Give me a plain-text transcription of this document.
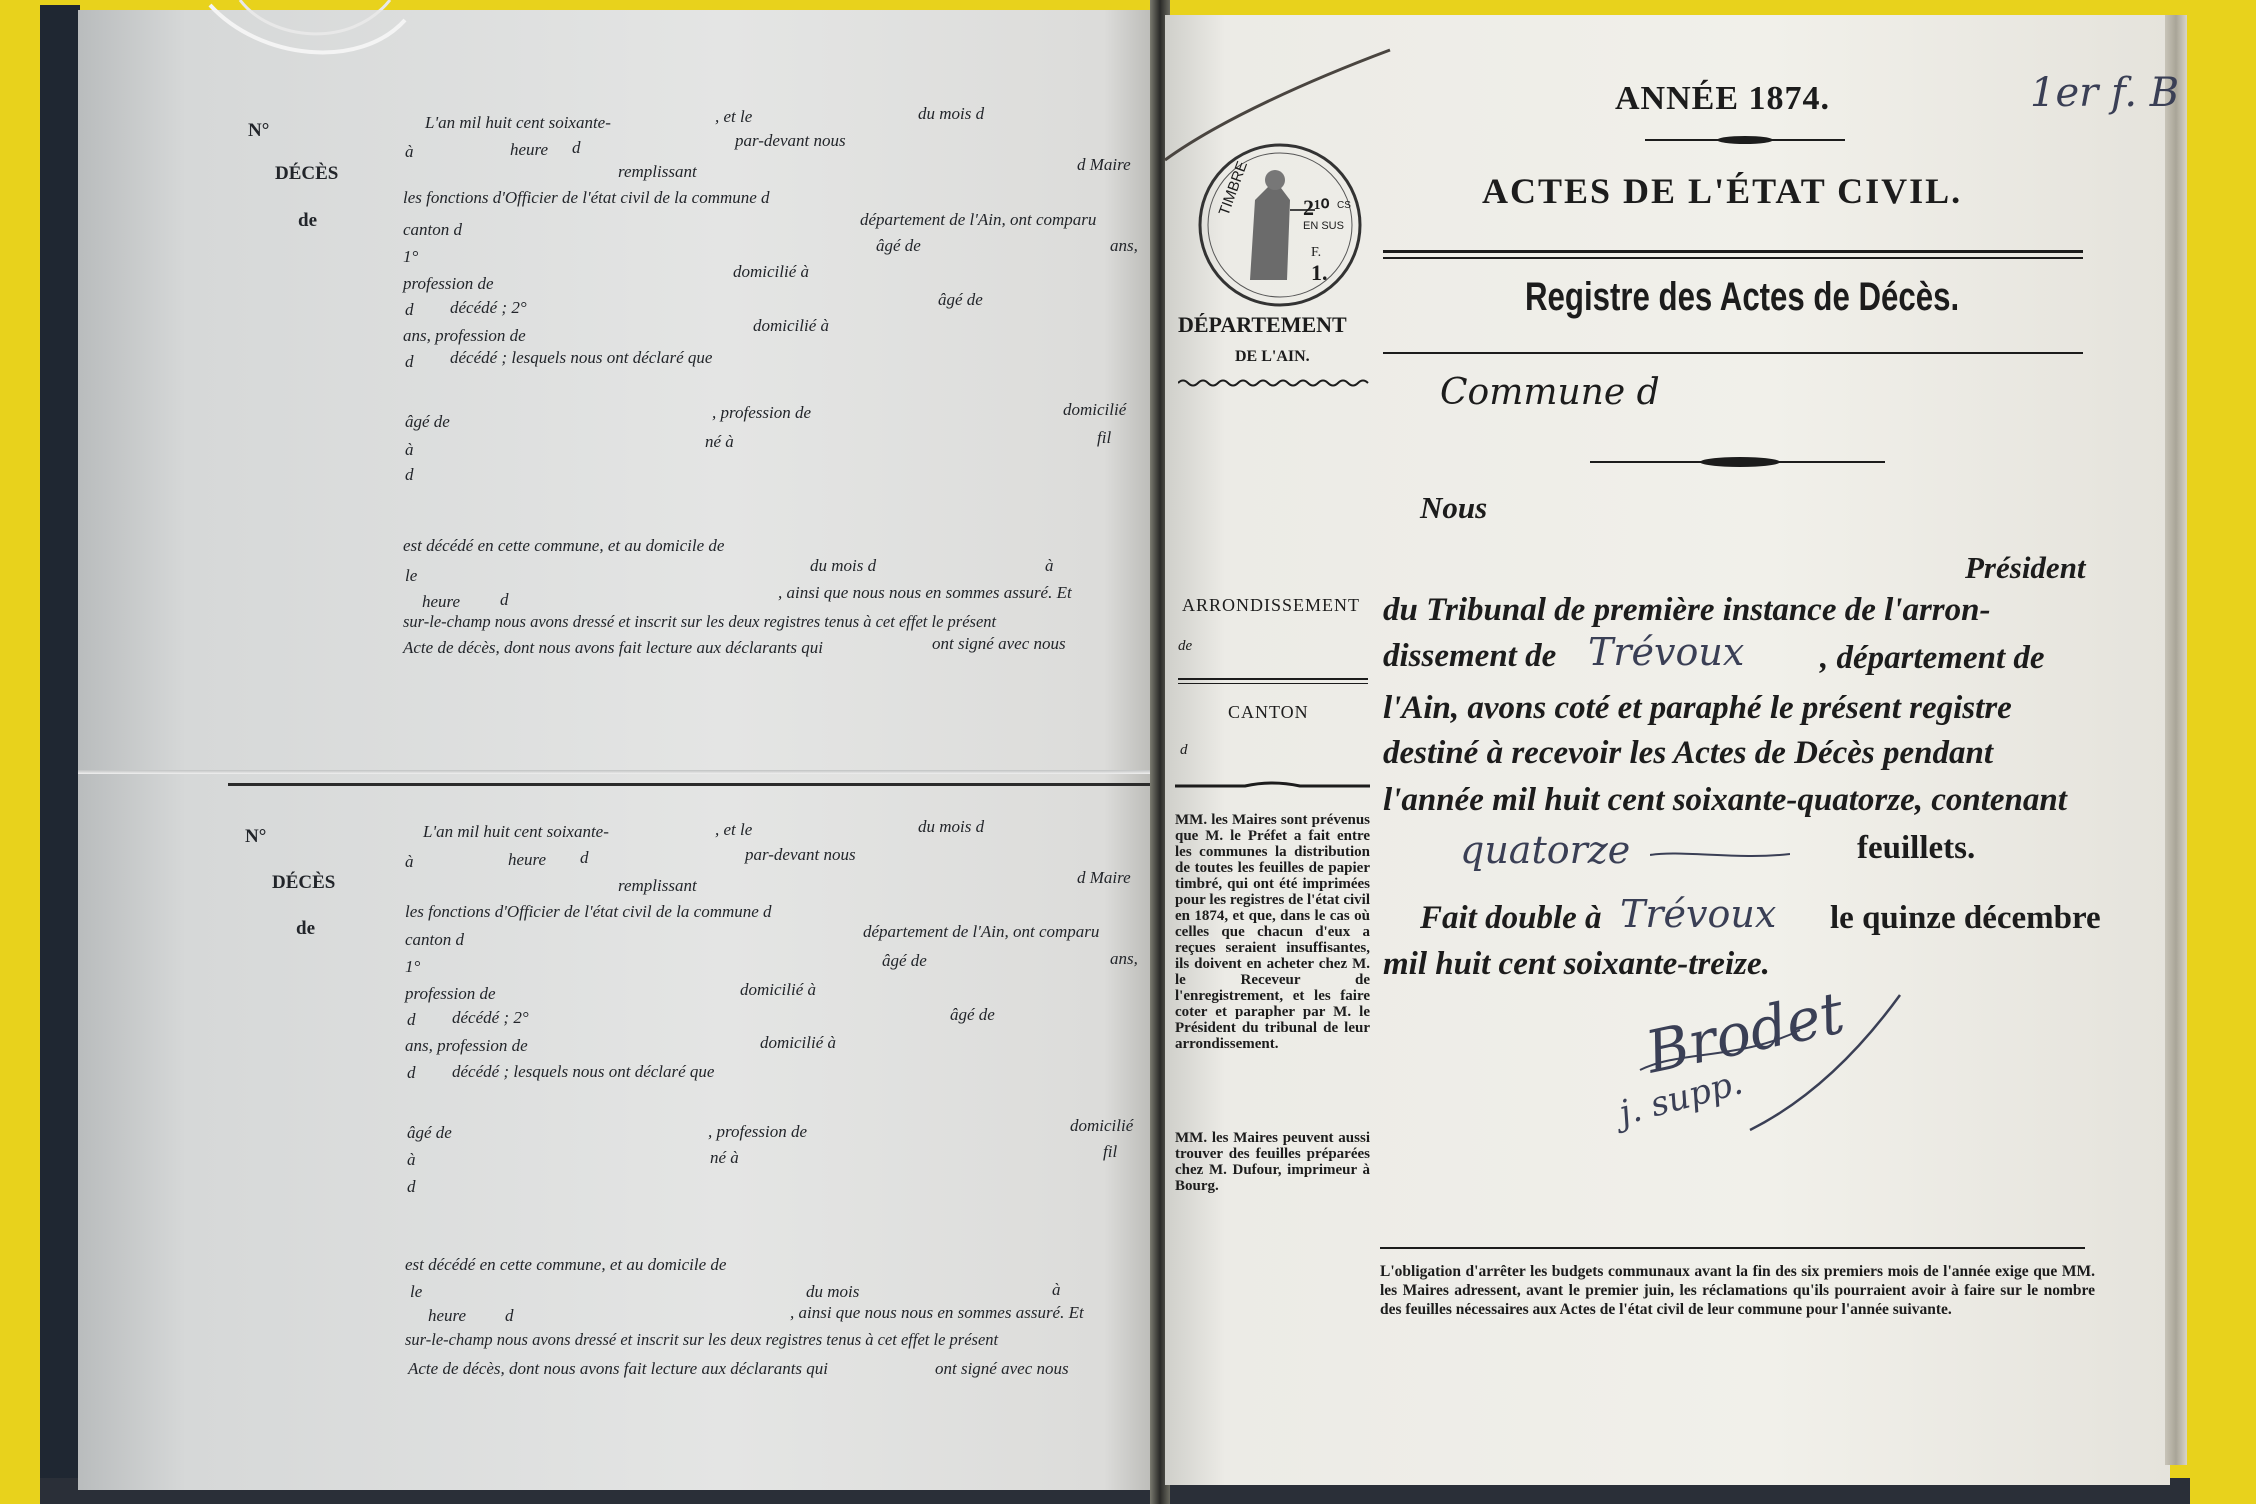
N°
DÉCÈS
de
L'an mil huit cent soixante-	, et le	du mois d
à	heure d	par-devant nous
remplissant	d Maire
les fonctions d'Officier de l'état civil de la commune d
canton d
département de l'Ain, ont comparu
1°
âgé de	ans,
profession de
domicilié à
d décédé ; 2°	âgé de
ans, profession de
domicilié à
d décédé ; lesquels nous ont déclaré que
âgé de	, profession de	domicilié
à	né à	fil
d
est décédé en cette commune, et au domicile de
le
du mois d	à
heure d	, ainsi que nous nous en sommes assuré. Et
sur-le-champ nous avons dressé et inscrit sur les deux registres tenus à cet effet le présent
Acte de décès, dont nous avons fait lecture aux déclarants qui	ont signé avec nous
N°
DÉCÈS
de
L'an mil huit cent soixante-	, et le	du mois d
à	heure d	par-devant nous
remplissant	d Maire
les fonctions d'Officier de l'état civil de la commune d
canton d	département de l'Ain, ont comparu
1°	âgé de	ans,
profession de	domicilié à
d décédé ; 2°	âgé de
ans, profession de	domicilié à
d décédé ; lesquels nous ont déclaré que
âgé de	, profession de	domicilié
à	né à	fil
d
est décédé en cette commune, et au domicile de
le	du mois	à
heure d	, ainsi que nous nous en sommes assuré. Et
sur-le-champ nous avons dressé et inscrit sur les deux registres tenus à cet effet le présent
Acte de décès, dont nous avons fait lecture aux déclarants qui	ont signé avec nous
ANNÉE 1874.	1er f. B
ACTES DE L'ÉTAT CIVIL.
Registre des Actes de Décès.
Commune d
TIMBRE 2¹⁰ CS
EN SUS
F.
1.
DÉPARTEMENT
DE L'AIN.
ARRONDISSEMENT
de
CANTON
d
MM. les Maires sont prévenus que M. le Préfet a fait entre les communes la distribution de toutes les feuilles de papier timbré, qui ont été imprimées pour les registres de l'état civil en 1874, et que, dans le cas où celles que chacun d'eux a reçues seraient insuffisantes, ils doivent en acheter chez M. le Receveur de l'enregistrement, et les faire coter et parapher par M. le Président du tribunal de leur arrondissement.
MM. les Maires peuvent aussi trouver des feuilles préparées chez M. Dufour, imprimeur à Bourg.
Nous
Président
du Tribunal de première instance de l'arron-
dissement de Trévoux , département de
l'Ain, avons coté et paraphé le présent registre
destiné à recevoir les Actes de Décès pendant
l'année mil huit cent soixante-quatorze, contenant
quatorze	feuillets.
Fait double à Trévoux le quinze décembre
mil huit cent soixante-treize.
Brodet
j. supp.
L'obligation d'arrêter les budgets communaux avant la fin des six premiers mois de l'année exige que MM. les Maires adressent, avant le premier juin, les réclamations qu'ils pourraient avoir à faire sur le nombre des feuilles nécessaires aux Actes de l'état civil de leur commune pour l'année suivante.
